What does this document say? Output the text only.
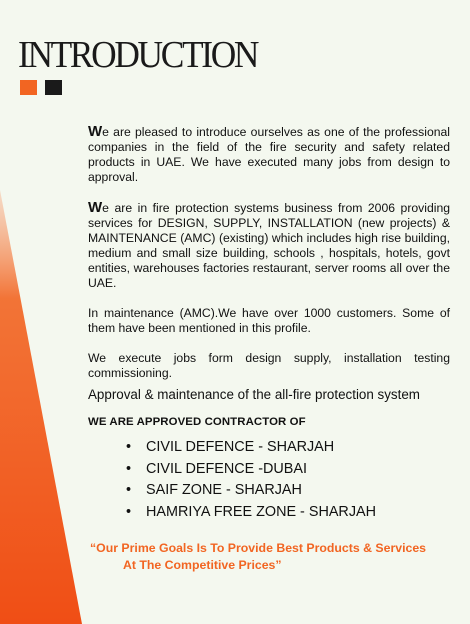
INTRODUCTION

We are pleased to introduce ourselves as one of the professional companies in the field of the fire security and safety related products in UAE. We have executed many jobs from design to approval.

We are in fire protection systems business from 2006 providing services for DESIGN, SUPPLY, INSTALLATION (new projects) & MAINTENANCE (AMC) (existing) which includes high rise building, medium and small size building, schools , hospitals, hotels, govt entities, warehouses factories restaurant, server rooms all over the UAE.

In maintenance (AMC).We have over 1000 customers. Some of them have been mentioned in this profile.

We execute jobs form design supply, installation testing commissioning.

Approval & maintenance of the all-fire protection system
WE ARE APPROVED CONTRACTOR OF
• CIVIL DEFENCE - SHARJAH
• CIVIL DEFENCE -DUBAI
• SAIF ZONE - SHARJAH
• HAMRIYA FREE ZONE - SHARJAH
“Our Prime Goals Is To Provide Best Products & Services
At The Competitive Prices”
